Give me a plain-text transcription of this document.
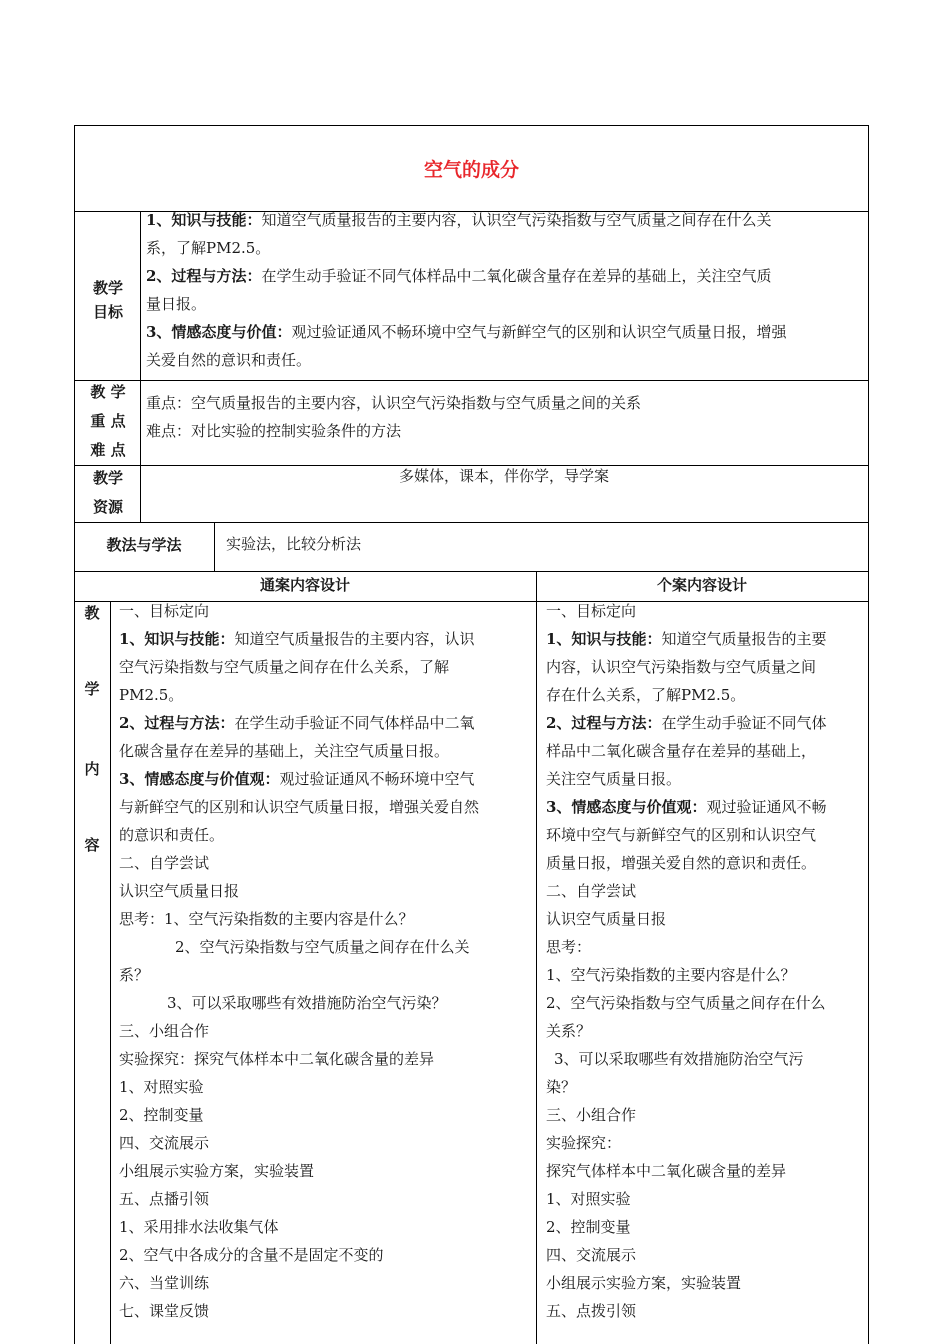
空气的成分
教学
目标
1、知识与技能：知道空气质量报告的主要内容，认识空气污染指数与空气质量之间存在什么关
系，了解PM2.5。
2、过程与方法：在学生动手验证不同气体样品中二氧化碳含量存在差异的基础上，关注空气质
量日报。
3、情感态度与价值：观过验证通风不畅环境中空气与新鲜空气的区别和认识空气质量日报，增强
关爱自然的意识和责任。
教 学
重 点
难 点
重点：空气质量报告的主要内容，认识空气污染指数与空气质量之间的关系
难点：对比实验的控制实验条件的方法
教学
资源
多媒体，课本，伴你学，导学案
教法与学法	实验法，比较分析法
通案内容设计	个案内容设计
教
学
内
容
一、目标定向
1、知识与技能：知道空气质量报告的主要内容，认识
空气污染指数与空气质量之间存在什么关系，了解
PM2.5。
2、过程与方法：在学生动手验证不同气体样品中二氧
化碳含量存在差异的基础上，关注空气质量日报。
3、情感态度与价值观：观过验证通风不畅环境中空气
与新鲜空气的区别和认识空气质量日报，增强关爱自然
的意识和责任。
二、自学尝试
认识空气质量日报
思考：1、空气污染指数的主要内容是什么？
2、空气污染指数与空气质量之间存在什么关
系？
3、可以采取哪些有效措施防治空气污染？
三、小组合作
实验探究：探究气体样本中二氧化碳含量的差异
1、对照实验
2、控制变量
四、交流展示
小组展示实验方案，实验装置
五、点播引领
1、采用排水法收集气体
2、空气中各成分的含量不是固定不变的
六、当堂训练
七、课堂反馈
一、目标定向
1、知识与技能：知道空气质量报告的主要
内容，认识空气污染指数与空气质量之间
存在什么关系，了解PM2.5。
2、过程与方法：在学生动手验证不同气体
样品中二氧化碳含量存在差异的基础上，
关注空气质量日报。
3、情感态度与价值观：观过验证通风不畅
环境中空气与新鲜空气的区别和认识空气
质量日报，增强关爱自然的意识和责任。
二、自学尝试
认识空气质量日报
思考：
1、空气污染指数的主要内容是什么？
2、空气污染指数与空气质量之间存在什么
关系？
3、可以采取哪些有效措施防治空气污
染？
三、小组合作
实验探究：
探究气体样本中二氧化碳含量的差异
1、对照实验
2、控制变量
四、交流展示
小组展示实验方案，实验装置
五、点拨引领
